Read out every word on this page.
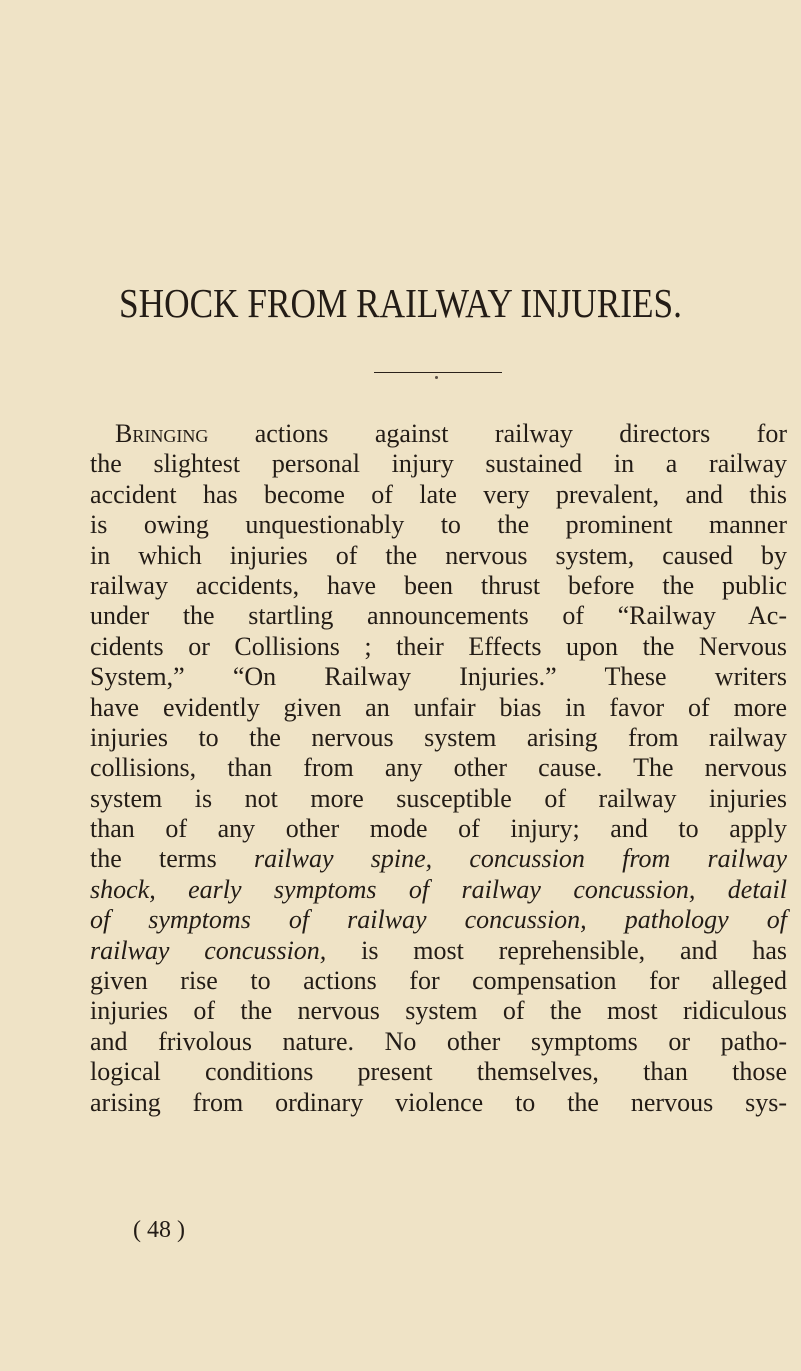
SHOCK FROM RAILWAY INJURIES.
Bringing actions against railway directors for
the slightest personal injury sustained in a railway
accident has become of late very prevalent, and this
is owing unquestionably to the prominent manner
in which injuries of the nervous system, caused by
railway accidents, have been thrust before the public
under the startling announcements of “Railway Ac-
cidents or Collisions ; their Effects upon the Nervous
System,” “On Railway Injuries.” These writers
have evidently given an unfair bias in favor of more
injuries to the nervous system arising from railway
collisions, than from any other cause. The nervous
system is not more susceptible of railway injuries
than of any other mode of injury; and to apply
the terms railway spine, concussion from railway
shock, early symptoms of railway concussion, detail
of symptoms of railway concussion, pathology of
railway concussion, is most reprehensible, and has
given rise to actions for compensation for alleged
injuries of the nervous system of the most ridiculous
and frivolous nature. No other symptoms or patho-
logical conditions present themselves, than those
arising from ordinary violence to the nervous sys-
( 48 )
